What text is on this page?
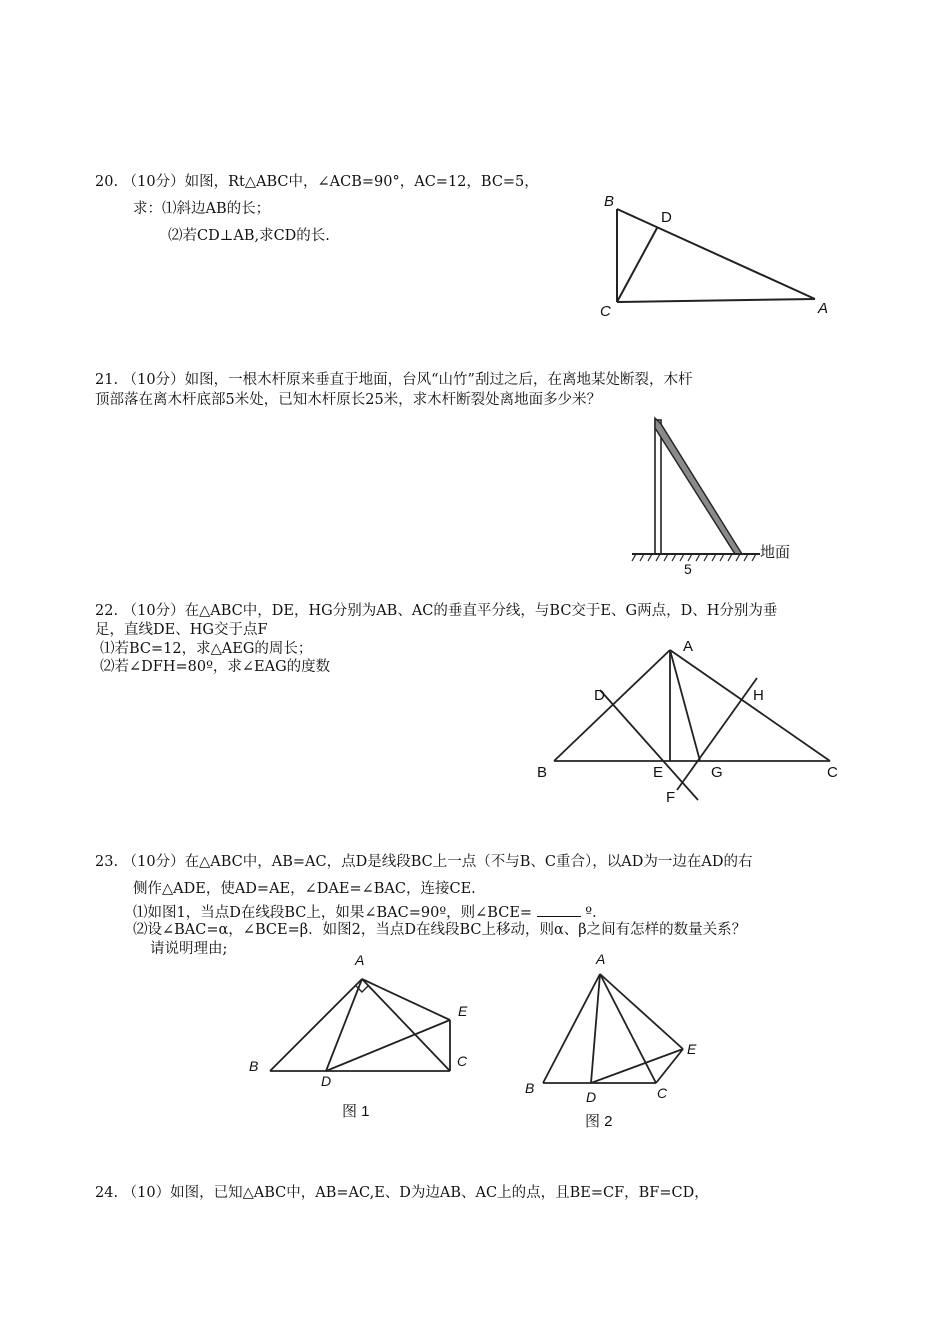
20. （10分）如图，Rt△ABC中，∠ACB=90°，AC=12，BC=5，
求：⑴斜边AB的长；
⑵若CD⊥AB,求CD的长.
B
D
C	A
21. （10分）如图，一根木杆原来垂直于地面，台风“山竹”刮过之后，在离地某处断裂，木杆
顶部落在离木杆底部5米处，已知木杆原长25米，求木杆断裂处离地面多少米？
地面
5
22. （10分）在△ABC中，DE，HG分别为AB、AC的垂直平分线，与BC交于E、G两点，D、H分别为垂
足，直线DE、HG交于点F
⑴若BC=12，求△AEG的周长；
⑵若∠DFH=80º，求∠EAG的度数
A
D	H
B	E	G	C
F
23. （10分）在△ABC中，AB=AC，点D是线段BC上一点（不与B、C重合），以AD为一边在AD的右
侧作△ADE，使AD=AE，∠DAE=∠BAC，连接CE.
⑴如图1，当点D在线段BC上，如果∠BAC=90º，则∠BCE=	º．
⑵设∠BAC=α，∠BCE=β．如图2，当点D在线段BC上移动，则α、β之间有怎样的数量关系？
请说明理由;
A
E
B	C
D
图 1
A
E
B	C
D
图 2
24. （10）如图，已知△ABC中，AB=AC,E、D为边AB、AC上的点，且BE=CF，BF=CD，
